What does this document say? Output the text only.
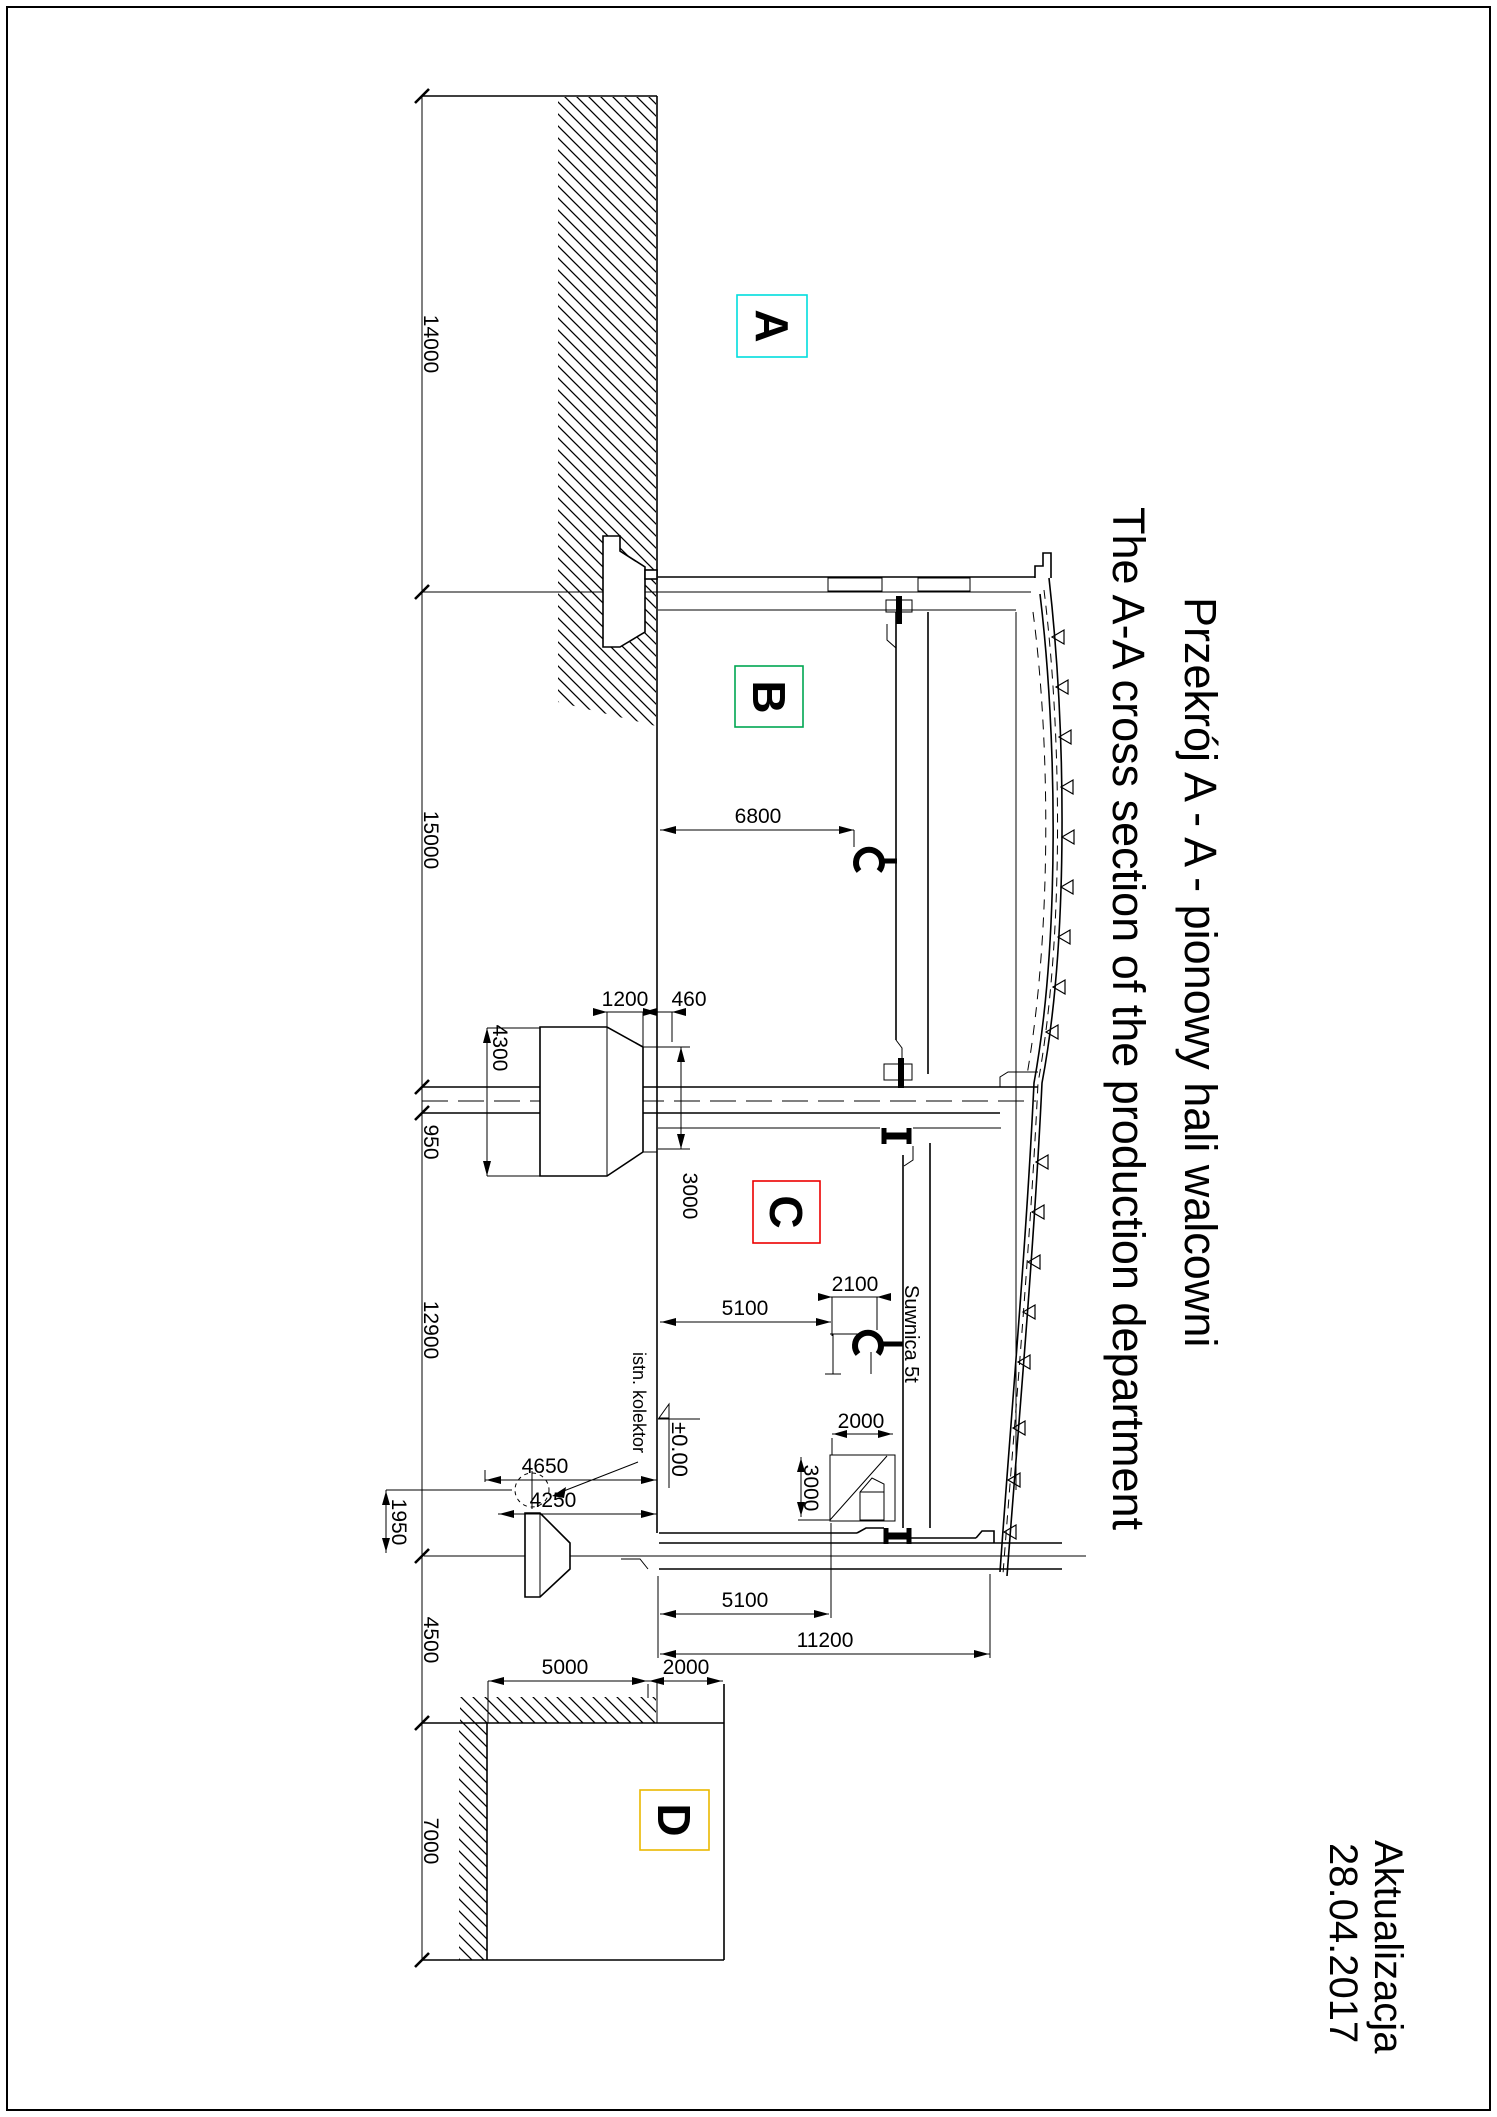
±0.00
14000
15000
950
12900
4500
7000
6800
1200 460
4300
3000
5100
2100
2000
3000
4650
4250
1950
5100
11200
5000	2000
Suwnica 5t
istn. kolektor
A
B
C
D
Przekrój A - A - pionowy hali walcowni
The A-A cross section of the production department
Aktualizacja
28.04.2017
